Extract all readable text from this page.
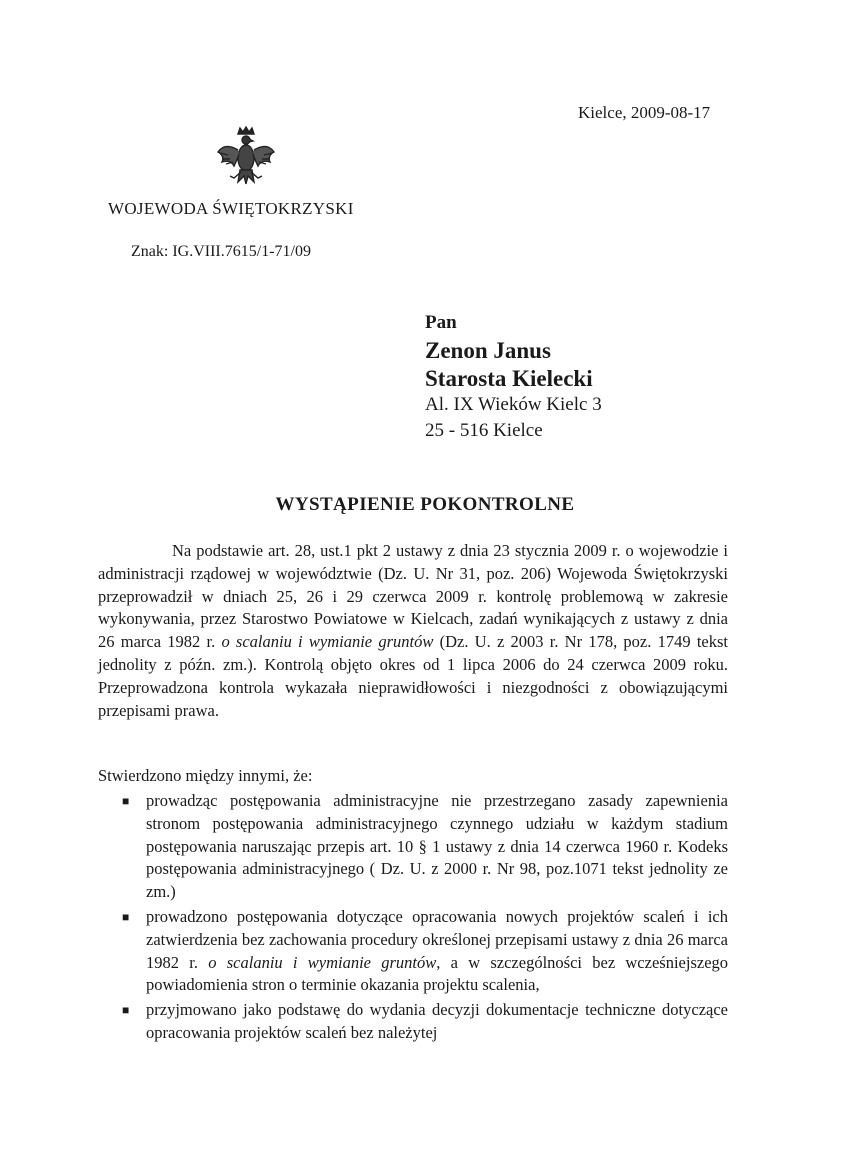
Kielce, 2009-08-17
WOJEWODA ŚWIĘTOKRZYSKI
Znak: IG.VIII.7615/1-71/09
Pan
Zenon Janus
Starosta Kielecki
Al. IX Wieków Kielc 3
25 - 516 Kielce
WYSTĄPIENIE POKONTROLNE

Na podstawie art. 28, ust.1 pkt 2 ustawy z dnia 23 stycznia 2009 r. o wojewodzie i administracji rządowej w województwie (Dz. U. Nr 31, poz. 206) Wojewoda Świętokrzyski przeprowadził w dniach 25, 26 i 29 czerwca 2009 r. kontrolę problemową w zakresie wykonywania, przez Starostwo Powiatowe w Kielcach, zadań wynikających z ustawy z dnia 26 marca 1982 r. o scalaniu i wymianie gruntów (Dz. U. z 2003 r. Nr 178, poz. 1749 tekst jednolity z późn. zm.). Kontrolą objęto okres od 1 lipca 2006 do 24 czerwca 2009 roku. Przeprowadzona kontrola wykazała nieprawidłowości i niezgodności z obowiązującymi przepisami prawa.

Stwierdzono między innymi, że:
■ prowadząc postępowania administracyjne nie przestrzegano zasady zapewnienia stronom postępowania administracyjnego czynnego udziału w każdym stadium postępowania naruszając przepis art. 10 § 1 ustawy z dnia 14 czerwca 1960 r. Kodeks postępowania administracyjnego ( Dz. U. z 2000 r. Nr 98, poz.1071 tekst jednolity ze zm.)
■ prowadzono postępowania dotyczące opracowania nowych projektów scaleń i ich zatwierdzenia bez zachowania procedury określonej przepisami ustawy z dnia 26 marca 1982 r. o scalaniu i wymianie gruntów, a w szczególności bez wcześniejszego powiadomienia stron o terminie okazania projektu scalenia,
■ przyjmowano jako podstawę do wydania decyzji dokumentacje techniczne dotyczące opracowania projektów scaleń bez należytej
